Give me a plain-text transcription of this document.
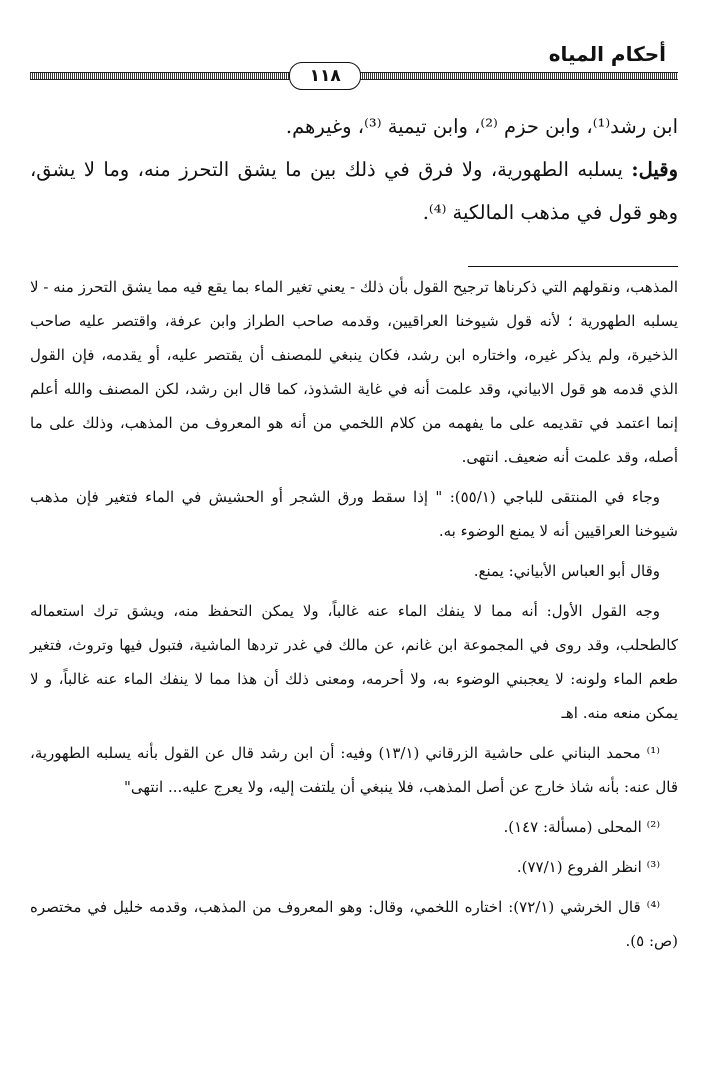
أحكام المياه
١١٨

ابن رشد⁽¹⁾، وابن حزم ⁽²⁾، وابن تيمية ⁽³⁾، وغيرهم.

وقيل: يسلبه الطهورية، ولا فرق في ذلك بين ما يشق التحرز منه، وما لا يشق، وهو قول في مذهب المالكية ⁽⁴⁾.

المذهب، ونقولهم التي ذكرناها ترجيح القول بأن ذلك - يعني تغير الماء بما يقع فيه مما يشق التحرز منه - لا يسلبه الطهورية ؛ لأنه قول شيوخنا العراقيين، وقدمه صاحب الطراز وابن عرفة، واقتصر عليه صاحب الذخيرة، ولم يذكر غيره، واختاره ابن رشد، فكان ينبغي للمصنف أن يقتصر عليه، أو يقدمه، فإن القول الذي قدمه هو قول الابياني، وقد علمت أنه في غاية الشذوذ، كما قال ابن رشد، لكن المصنف والله أعلم إنما اعتمد في تقديمه على ما يفهمه من كلام اللخمي من أنه هو المعروف من المذهب، وذلك على ما أصله، وقد علمت أنه ضعيف. انتهى.

وجاء في المنتقى للباجي (٥٥/١): " إذا سقط ورق الشجر أو الحشيش في الماء فتغير فإن مذهب شيوخنا العراقيين أنه لا يمنع الوضوء به.

وقال أبو العباس الأبياني: يمنع.

وجه القول الأول: أنه مما لا ينفك الماء عنه غالباً، ولا يمكن التحفظ منه، ويشق ترك استعماله كالطحلب، وقد روى في المجموعة ابن غانم، عن مالك في غدر تردها الماشية، فتبول فيها وتروث، فتغير طعم الماء ولونه: لا يعجبني الوضوء به، ولا أحرمه، ومعنى ذلك أن هذا مما لا ينفك الماء عنه غالباً، و لا يمكن منعه منه. اهـ

⁽¹⁾ محمد البناني على حاشية الزرقاني (١٣/١) وفيه: أن ابن رشد قال عن القول بأنه يسلبه الطهورية، قال عنه: بأنه شاذ خارج عن أصل المذهب، فلا ينبغي أن يلتفت إليه، ولا يعرج عليه... انتهى"

⁽²⁾ المحلى (مسألة: ١٤٧).

⁽³⁾ انظر الفروع (٧٧/١).

⁽⁴⁾ قال الخرشي (٧٢/١): اختاره اللخمي، وقال: وهو المعروف من المذهب، وقدمه خليل في مختصره (ص: ٥).
